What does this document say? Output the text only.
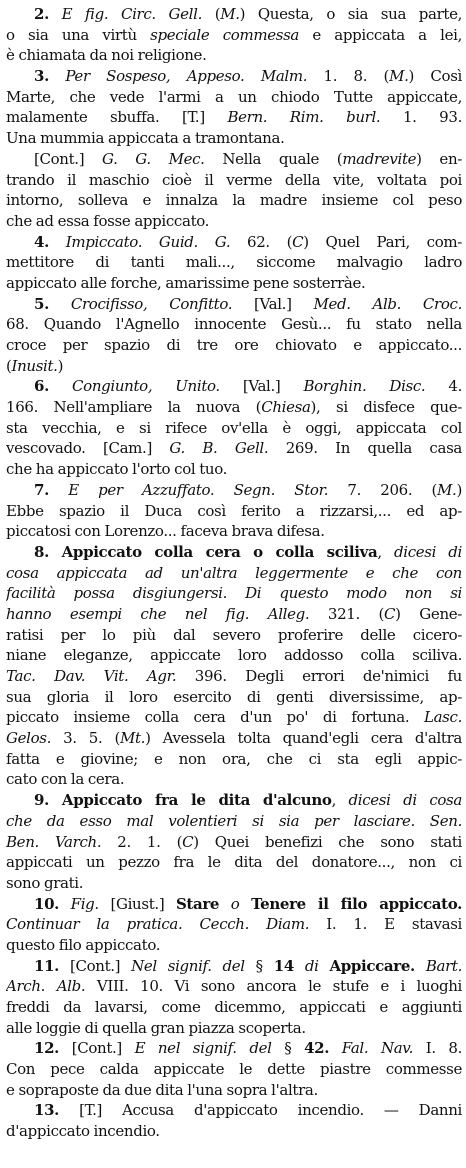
2. E fig. Circ. Gell. (M.) Questa, o sia sua parte,
o sia una virtù speciale commessa e appiccata a lei,
è chiamata da noi religione.
3. Per Sospeso, Appeso. Malm. 1. 8. (M.) Così
Marte, che vede l'armi a un chiodo Tutte appiccate,
malamente sbuffa. [T.] Bern. Rim. burl. 1. 93.
Una mummia appiccata a tramontana.
[Cont.] G. G. Mec. Nella quale (madrevite) en-
trando il maschio cioè il verme della vite, voltata poi
intorno, solleva e innalza la madre insieme col peso
che ad essa fosse appiccato.
4. Impiccato. Guid. G. 62. (C) Quel Pari, com-
mettitore di tanti mali..., siccome malvagio ladro
appiccato alle forche, amarissime pene sosterràe.
5. Crocifisso, Confitto. [Val.] Med. Alb. Croc.
68. Quando l'Agnello innocente Gesù... fu stato nella
croce per spazio di tre ore chiovato e appiccato...
(Inusit.)
6. Congiunto, Unito. [Val.] Borghin. Disc. 4.
166. Nell'ampliare la nuova (Chiesa), si disfece que-
sta vecchia, e si rifece ov'ella è oggi, appiccata col
vescovado. [Cam.] G. B. Gell. 269. In quella casa
che ha appiccato l'orto col tuo.
7. E per Azzuffato. Segn. Stor. 7. 206. (M.)
Ebbe spazio il Duca così ferito a rizzarsi,... ed ap-
piccatosi con Lorenzo... faceva brava difesa.
8. Appiccato colla cera o colla sciliva, dicesi di
cosa appiccata ad un'altra leggermente e che con
facilità possa disgiungersi. Di questo modo non si
hanno esempi che nel fig. Alleg. 321. (C) Gene-
ratisi per lo più dal severo proferire delle cicero-
niane eleganze, appiccate loro addosso colla sciliva.
Tac. Dav. Vit. Agr. 396. Degli errori de'nimici fu
sua gloria il loro esercito di genti diversissime, ap-
piccato insieme colla cera d'un po' di fortuna. Lasc.
Gelos. 3. 5. (Mt.) Avessela tolta quand'egli cera d'altra
fatta e giovine; e non ora, che ci sta egli appic-
cato con la cera.
9. Appiccato fra le dita d'alcuno, dicesi di cosa
che da esso mal volentieri si sia per lasciare. Sen.
Ben. Varch. 2. 1. (C) Quei benefizi che sono stati
appiccati un pezzo fra le dita del donatore..., non ci
sono grati.
10. Fig. [Giust.] Stare o Tenere il filo appiccato.
Continuar la pratica. Cecch. Diam. I. 1. E stavasi
questo filo appiccato.
11. [Cont.] Nel signif. del § 14 di Appiccare. Bart.
Arch. Alb. VIII. 10. Vi sono ancora le stufe e i luoghi
freddi da lavarsi, come dicemmo, appiccati e aggiunti
alle loggie di quella gran piazza scoperta.
12. [Cont.] E nel signif. del § 42. Fal. Nav. I. 8.
Con pece calda appiccate le dette piastre commesse
e sopraposte da due dita l'una sopra l'altra.
13. [T.] Accusa d'appiccato incendio. — Danni
d'appiccato incendio.
